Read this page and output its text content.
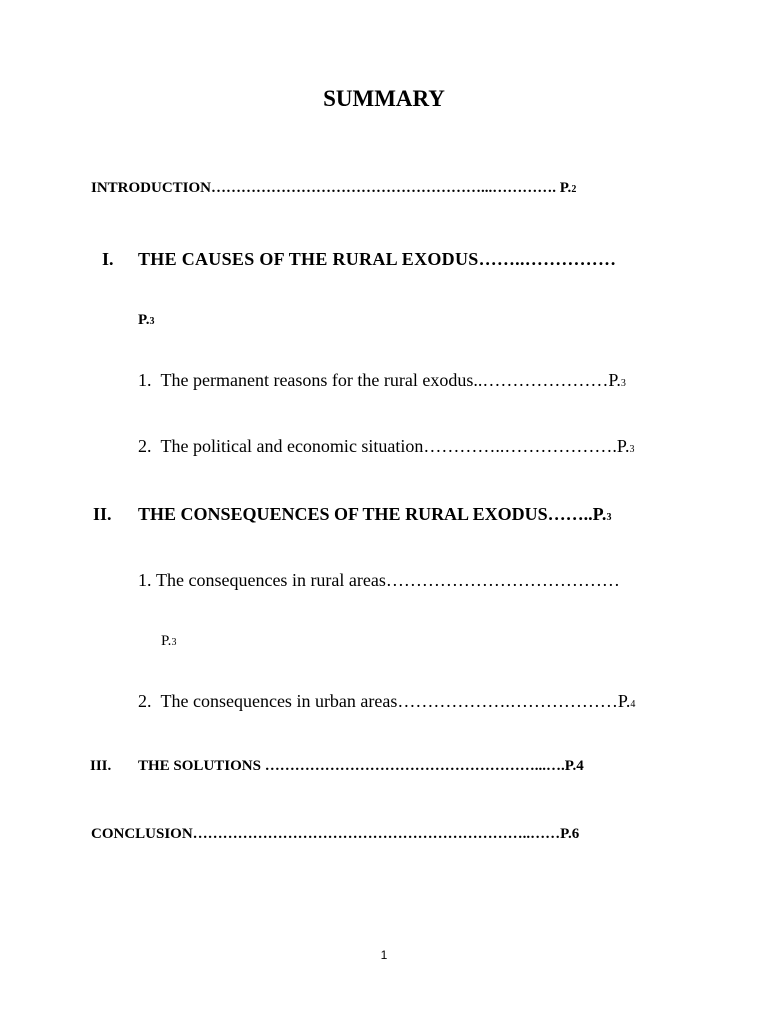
SUMMARY
INTRODUCTION………………………………………………...…………. P.2
I. THE CAUSES OF THE RURAL EXODUS……..……………
P.3
1. The permanent reasons for the rural exodus..…………………P.3
2. The political and economic situation…………..……………….P.3
II. THE CONSEQUENCES OF THE RURAL EXODUS……..P.3
1. The consequences in rural areas…………………………………
P.3
2. The consequences in urban areas……………….………………P.4
III. THE SOLUTIONS ………………………………………………...….P.4
CONCLUSION…………………………………………………………..……P.6
1
